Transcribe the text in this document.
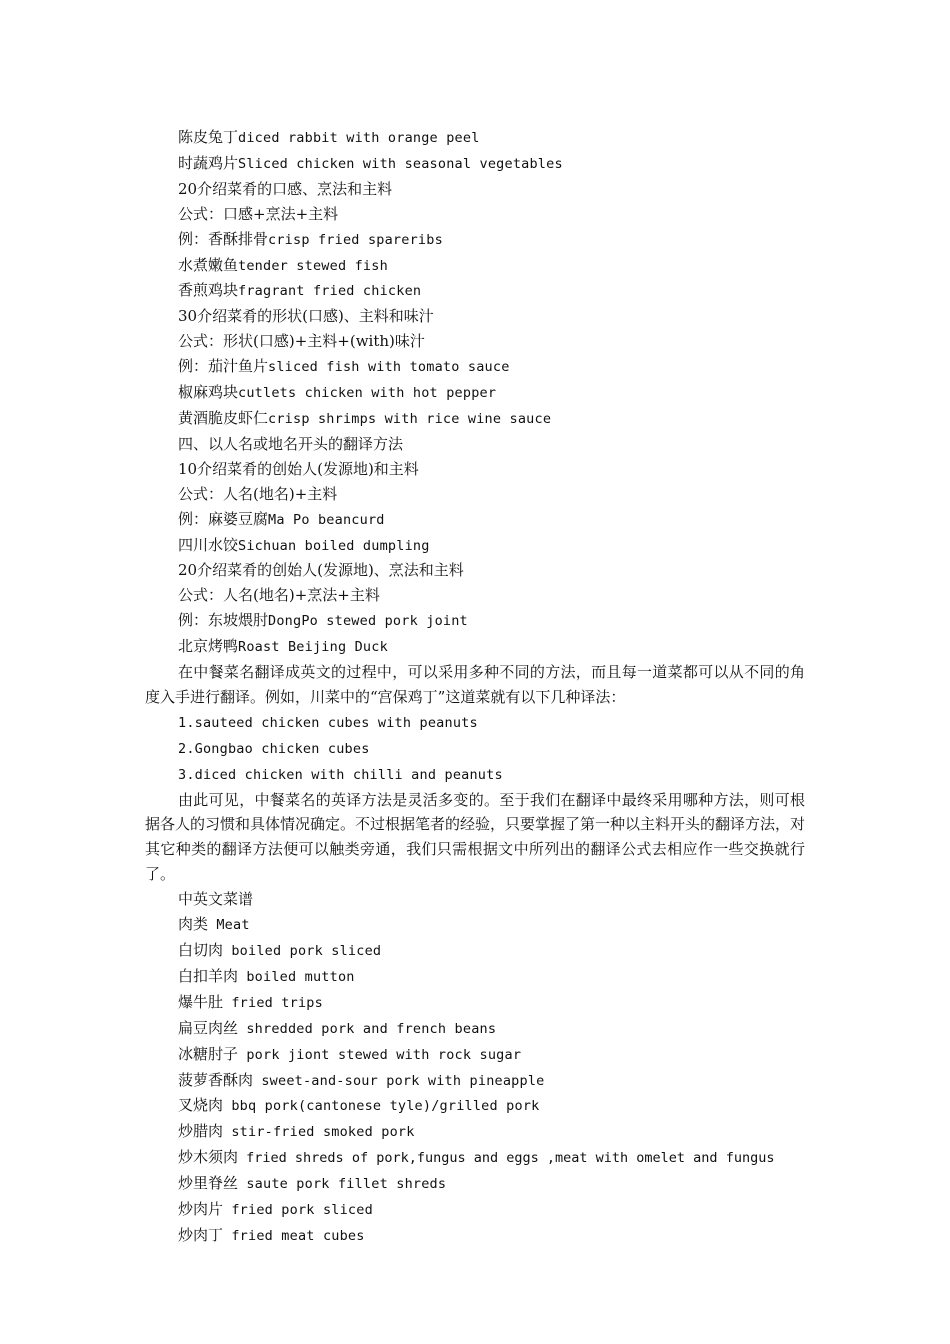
陈皮兔丁diced rabbit with orange peel
时蔬鸡片Sliced chicken with seasonal vegetables
20介绍菜肴的口感、烹法和主料
公式：口感+烹法+主料
例：香酥排骨crisp fried spareribs
水煮嫩鱼tender stewed fish
香煎鸡块fragrant fried chicken
30介绍菜肴的形状(口感)、主料和味汁
公式：形状(口感)+主料+(with)味汁
例：茄汁鱼片sliced fish with tomato sauce
椒麻鸡块cutlets chicken with hot pepper
黄酒脆皮虾仁crisp shrimps with rice wine sauce
四、以人名或地名开头的翻译方法
10介绍菜肴的创始人(发源地)和主料
公式：人名(地名)+主料
例：麻婆豆腐Ma Po beancurd
四川水饺Sichuan boiled dumpling
20介绍菜肴的创始人(发源地)、烹法和主料
公式：人名(地名)+烹法+主料
例：东坡煨肘DongPo stewed pork joint
北京烤鸭Roast Beijing Duck
在中餐菜名翻译成英文的过程中，可以采用多种不同的方法，而且每一道菜都可以从不同的角度入手进行翻译。例如，川菜中的“宫保鸡丁”这道菜就有以下几种译法：
1.sauteed chicken cubes with peanuts
2.Gongbao chicken cubes
3.diced chicken with chilli and peanuts
由此可见，中餐菜名的英译方法是灵活多变的。至于我们在翻译中最终采用哪种方法，则可根据各人的习惯和具体情况确定。不过根据笔者的经验，只要掌握了第一种以主料开头的翻译方法，对其它种类的翻译方法便可以触类旁通，我们只需根据文中所列出的翻译公式去相应作一些交换就行了。
中英文菜谱
肉类 Meat
白切肉 boiled pork sliced
白扣羊肉 boiled mutton
爆牛肚 fried trips
扁豆肉丝 shredded pork and french beans
冰糖肘子 pork jiont stewed with rock sugar
菠萝香酥肉 sweet-and-sour pork with pineapple
叉烧肉 bbq pork(cantonese tyle)/grilled pork
炒腊肉 stir-fried smoked pork
炒木须肉 fried shreds of pork,fungus and eggs ,meat with omelet and fungus
炒里脊丝 saute pork fillet shreds
炒肉片 fried pork sliced
炒肉丁 fried meat cubes
